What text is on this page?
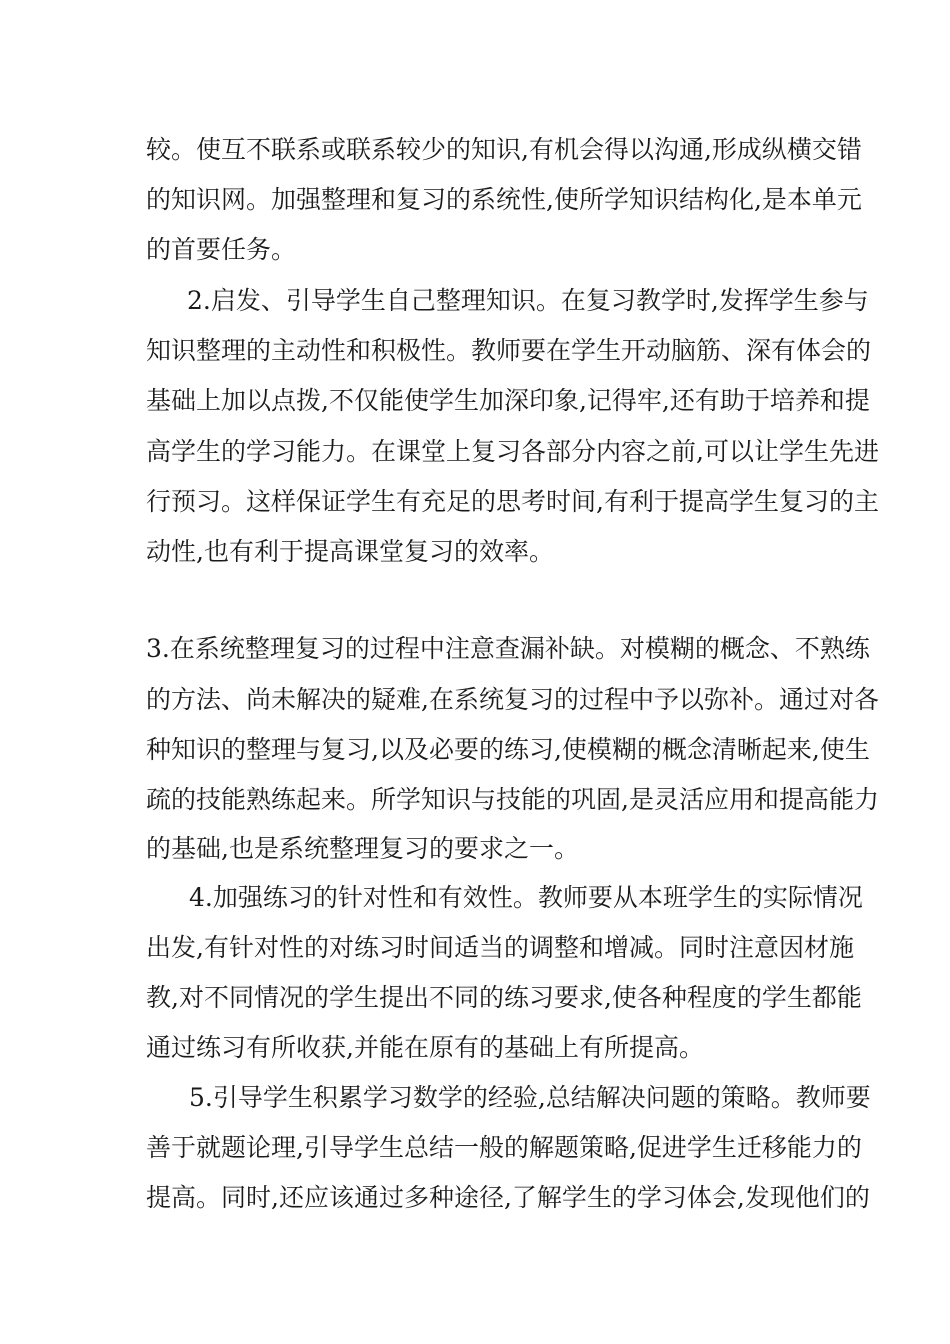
较。使互不联系或联系较少的知识,有机会得以沟通,形成纵横交错
的知识网。加强整理和复习的系统性,使所学知识结构化,是本单元
的首要任务。
2.启发、引导学生自己整理知识。在复习教学时,发挥学生参与
知识整理的主动性和积极性。教师要在学生开动脑筋、深有体会的
基础上加以点拨,不仅能使学生加深印象,记得牢,还有助于培养和提
高学生的学习能力。在课堂上复习各部分内容之前,可以让学生先进
行预习。这样保证学生有充足的思考时间,有利于提高学生复习的主
动性,也有利于提高课堂复习的效率。
3.在系统整理复习的过程中注意查漏补缺。对模糊的概念、不熟练
的方法、尚未解决的疑难,在系统复习的过程中予以弥补。通过对各
种知识的整理与复习,以及必要的练习,使模糊的概念清晰起来,使生
疏的技能熟练起来。所学知识与技能的巩固,是灵活应用和提高能力
的基础,也是系统整理复习的要求之一。
4.加强练习的针对性和有效性。教师要从本班学生的实际情况
出发,有针对性的对练习时间适当的调整和增减。同时注意因材施
教,对不同情况的学生提出不同的练习要求,使各种程度的学生都能
通过练习有所收获,并能在原有的基础上有所提高。
5.引导学生积累学习数学的经验,总结解决问题的策略。教师要
善于就题论理,引导学生总结一般的解题策略,促进学生迁移能力的
提高。同时,还应该通过多种途径,了解学生的学习体会,发现他们的
